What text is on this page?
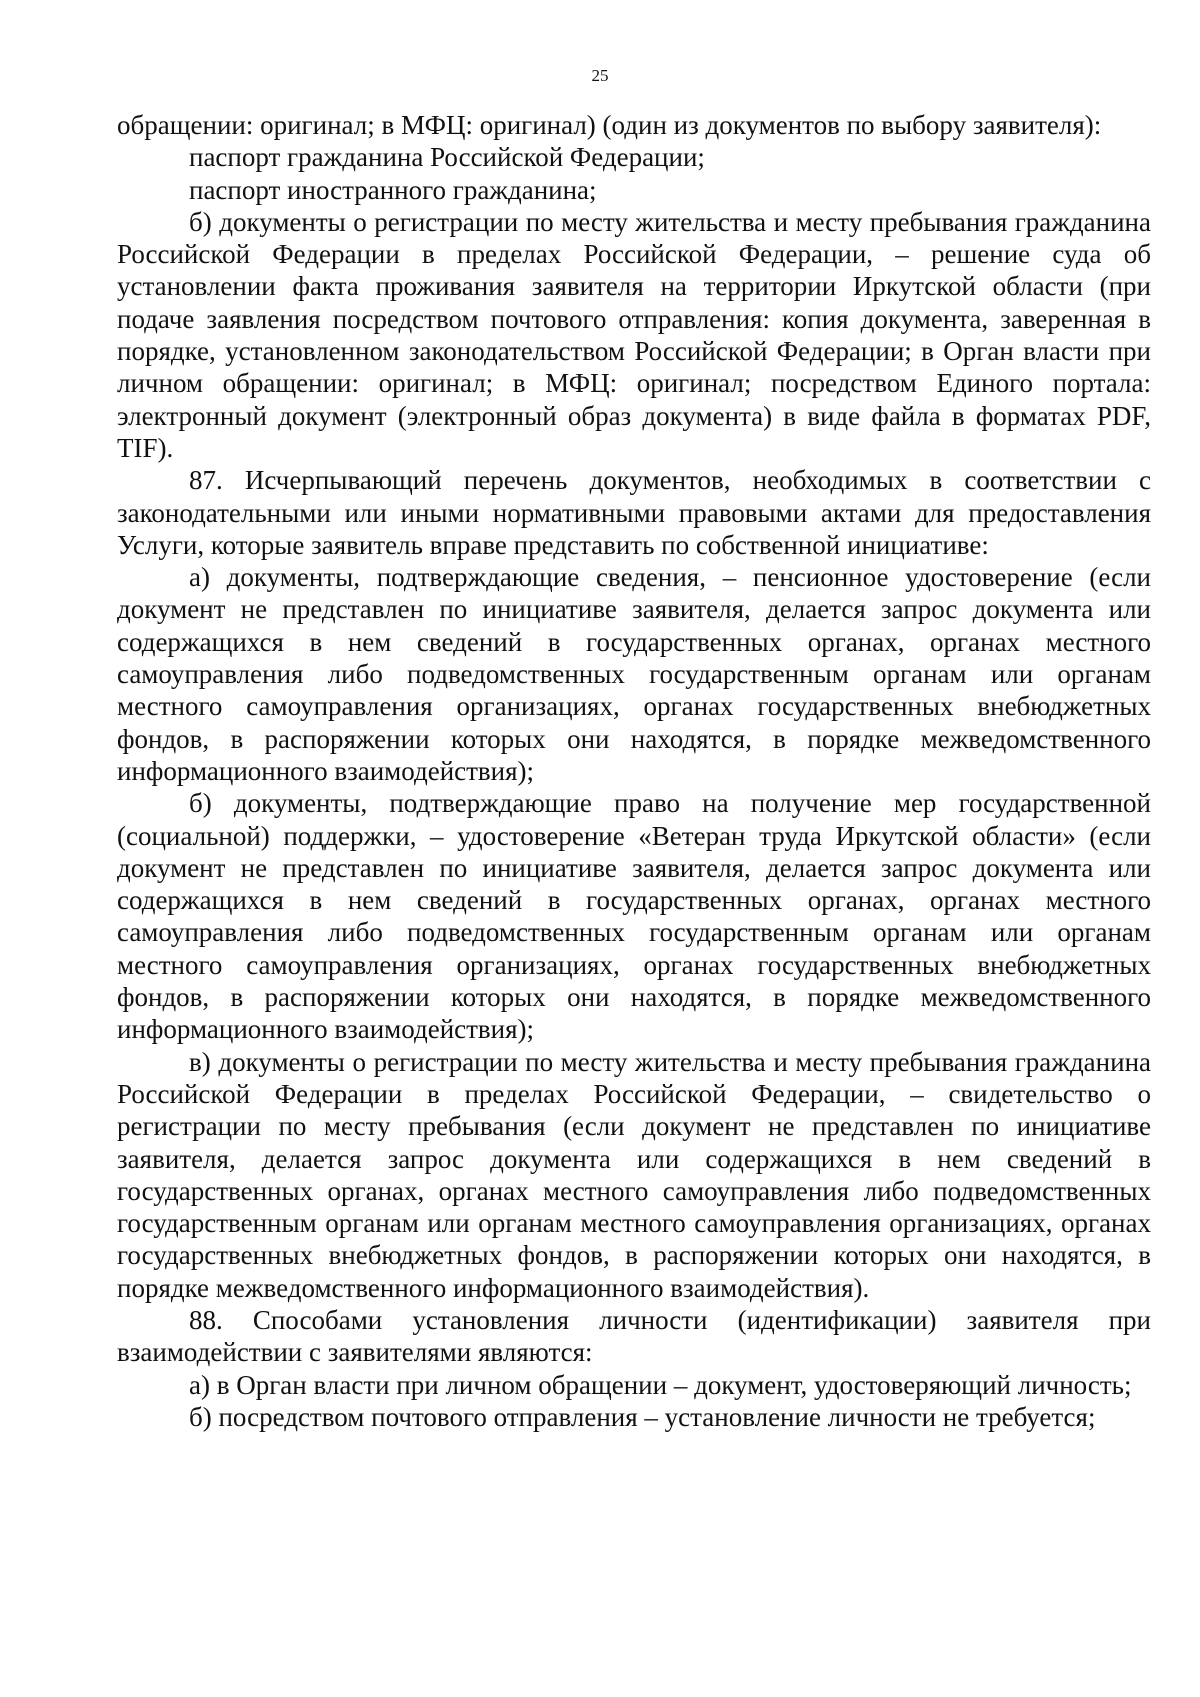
25

обращении: оригинал; в МФЦ: оригинал) (один из документов по выбору заявителя):

паспорт гражданина Российской Федерации;

паспорт иностранного гражданина;

б) документы о регистрации по месту жительства и месту пребывания гражданина Российской Федерации в пределах Российской Федерации, – решение суда об установлении факта проживания заявителя на территории Иркутской области (при подаче заявления посредством почтового отправления: копия документа, заверенная в порядке, установленном законодательством Российской Федерации; в Орган власти при личном обращении: оригинал; в МФЦ: оригинал; посредством Единого портала: электронный документ (электронный образ документа) в виде файла в форматах PDF, TIF).

87. Исчерпывающий перечень документов, необходимых в соответствии с законодательными или иными нормативными правовыми актами для предоставления Услуги, которые заявитель вправе представить по собственной инициативе:

а) документы, подтверждающие сведения, – пенсионное удостоверение (если документ не представлен по инициативе заявителя, делается запрос документа или содержащихся в нем сведений в государственных органах, органах местного самоуправления либо подведомственных государственным органам или органам местного самоуправления организациях, органах государственных внебюджетных фондов, в распоряжении которых они находятся, в порядке межведомственного информационного взаимодействия);

б) документы, подтверждающие право на получение мер государственной (социальной) поддержки, – удостоверение «Ветеран труда Иркутской области» (если документ не представлен по инициативе заявителя, делается запрос документа или содержащихся в нем сведений в государственных органах, органах местного самоуправления либо подведомственных государственным органам или органам местного самоуправления организациях, органах государственных внебюджетных фондов, в распоряжении которых они находятся, в порядке межведомственного информационного взаимодействия);

в) документы о регистрации по месту жительства и месту пребывания гражданина Российской Федерации в пределах Российской Федерации, – свидетельство о регистрации по месту пребывания (если документ не представлен по инициативе заявителя, делается запрос документа или содержащихся в нем сведений в государственных органах, органах местного самоуправления либо подведомственных государственным органам или органам местного самоуправления организациях, органах государственных внебюджетных фондов, в распоряжении которых они находятся, в порядке межведомственного информационного взаимодействия).

88. Способами установления личности (идентификации) заявителя при взаимодействии с заявителями являются:

а) в Орган власти при личном обращении – документ, удостоверяющий личность;

б) посредством почтового отправления – установление личности не требуется;
